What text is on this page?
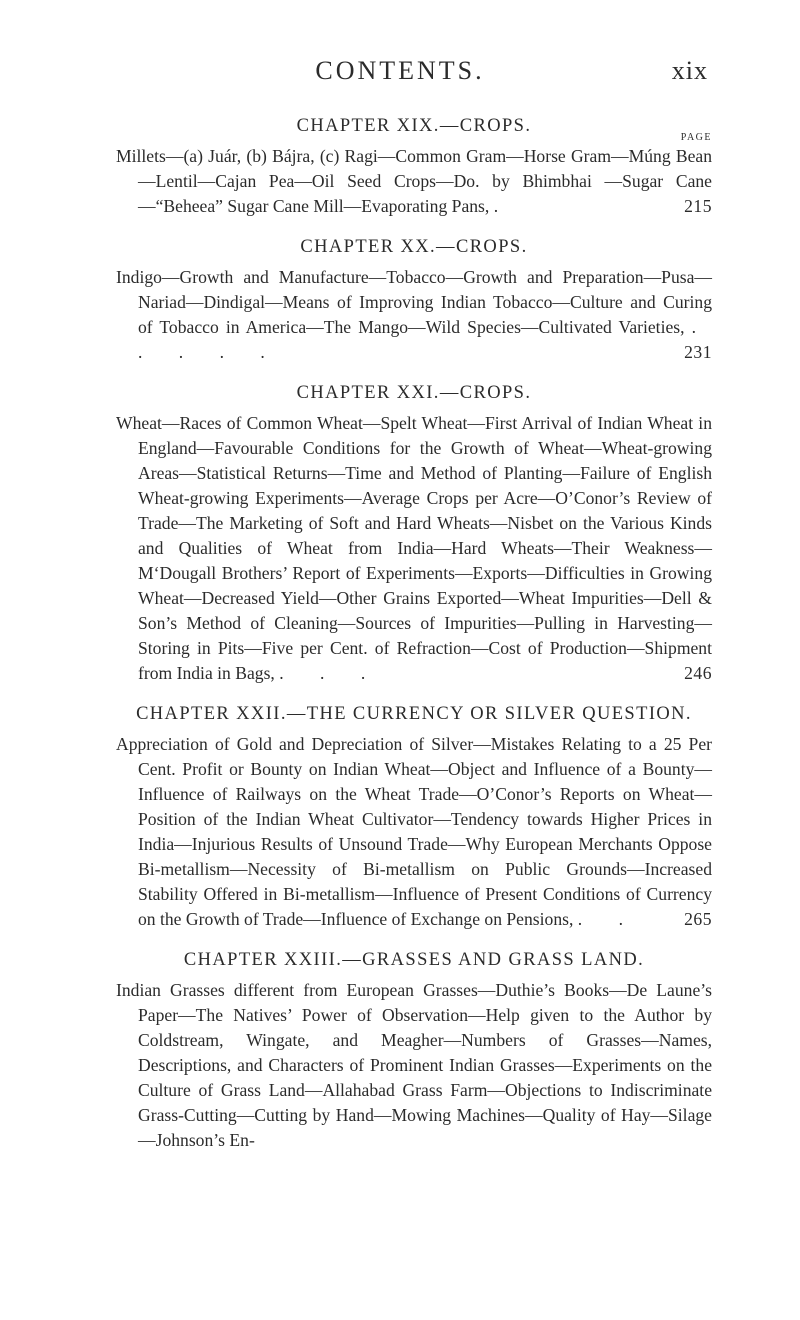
CONTENTS.	xix
CHAPTER XIX.—CROPS.
PAGE
Millets—(a) Juár, (b) Bájra, (c) Ragi—Common Gram—Horse Gram—Múng Bean—Lentil—Cajan Pea—Oil Seed Crops—Do. by Bhimbhai —Sugar Cane—“Beheea” Sugar Cane Mill—Evaporating Pans, .	215
CHAPTER XX.—CROPS.
Indigo—Growth and Manufacture—Tobacco—Growth and Preparation—Pusa—Nariad—Dindigal—Means of Improving Indian Tobacco—Culture and Curing of Tobacco in America—The Mango—Wild Species—Cultivated Varieties, . . . . .	231
CHAPTER XXI.—CROPS.
Wheat—Races of Common Wheat—Spelt Wheat—First Arrival of Indian Wheat in England—Favourable Conditions for the Growth of Wheat—Wheat-growing Areas—Statistical Returns—Time and Method of Planting—Failure of English Wheat-growing Experiments—Average Crops per Acre—O’Conor’s Review of Trade—The Marketing of Soft and Hard Wheats—Nisbet on the Various Kinds and Qualities of Wheat from India—Hard Wheats—Their Weakness—M‘Dougall Brothers’ Report of Experiments—Exports—Difficulties in Growing Wheat—Decreased Yield—Other Grains Exported—Wheat Impurities—Dell & Son’s Method of Cleaning—Sources of Impurities—Pulling in Harvesting—Storing in Pits—Five per Cent. of Refraction—Cost of Production—Shipment from India in Bags, . . .	246
CHAPTER XXII.—THE CURRENCY OR SILVER QUESTION.
Appreciation of Gold and Depreciation of Silver—Mistakes Relating to a 25 Per Cent. Profit or Bounty on Indian Wheat—Object and Influence of a Bounty—Influence of Railways on the Wheat Trade—O’Conor’s Reports on Wheat—Position of the Indian Wheat Cultivator—Tendency towards Higher Prices in India—Injurious Results of Unsound Trade—Why European Merchants Oppose Bi-metallism—Necessity of Bi-metallism on Public Grounds—Increased Stability Offered in Bi-metallism—Influence of Present Conditions of Currency on the Growth of Trade—Influence of Exchange on Pensions, . .	265
CHAPTER XXIII.—GRASSES AND GRASS LAND.
Indian Grasses different from European Grasses—Duthie’s Books—De Laune’s Paper—The Natives’ Power of Observation—Help given to the Author by Coldstream, Wingate, and Meagher—Numbers of Grasses—Names, Descriptions, and Characters of Prominent Indian Grasses—Experiments on the Culture of Grass Land—Allahabad Grass Farm—Objections to Indiscriminate Grass-Cutting—Cutting by Hand—Mowing Machines—Quality of Hay—Silage—Johnson’s En-
